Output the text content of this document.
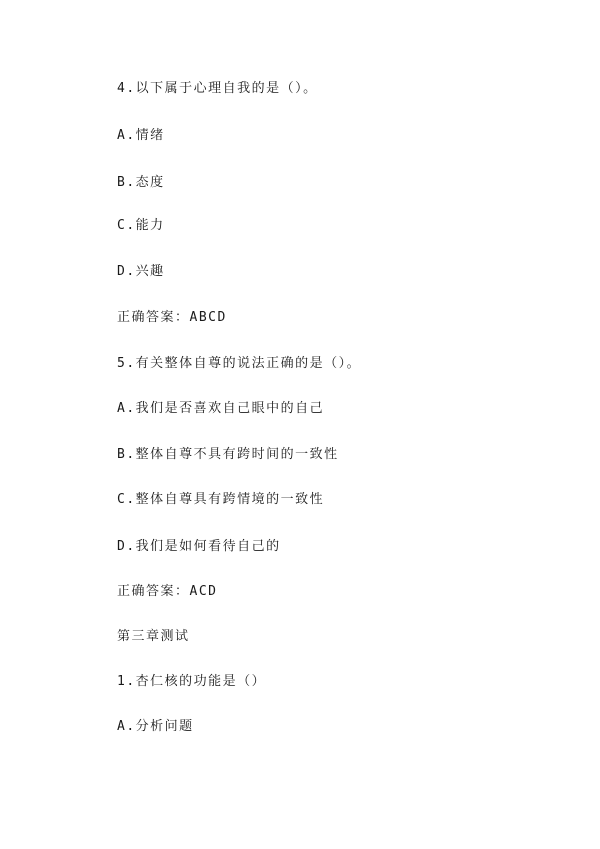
4.以下属于心理自我的是（）。
A.情绪
B.态度
C.能力
D.兴趣
正确答案：ABCD
5.有关整体自尊的说法正确的是（）。
A.我们是否喜欢自己眼中的自己
B.整体自尊不具有跨时间的一致性
C.整体自尊具有跨情境的一致性
D.我们是如何看待自己的
正确答案：ACD
第三章测试
1.杏仁核的功能是（）
A.分析问题
